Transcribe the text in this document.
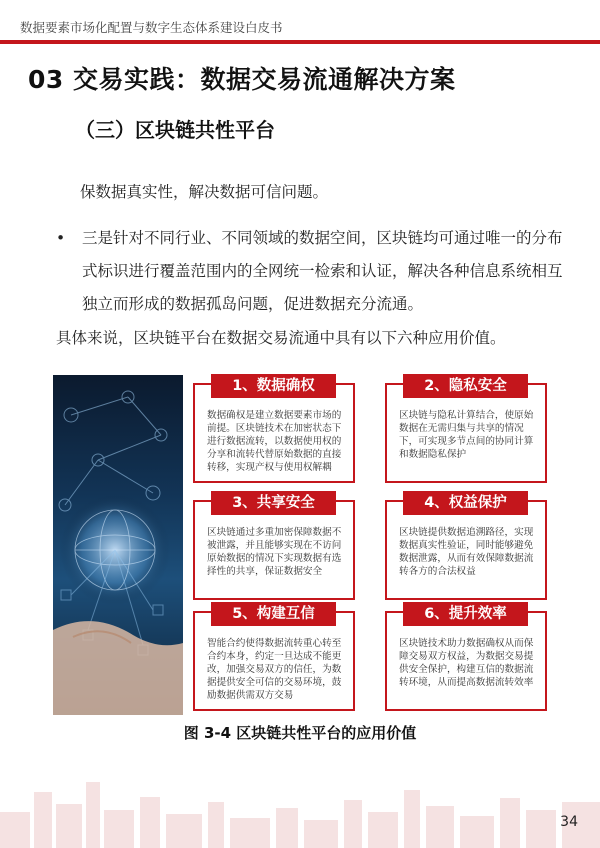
数据要素市场化配置与数字生态体系建设白皮书
03 交易实践：数据交易流通解决方案
（三）区块链共性平台
保数据真实性，解决数据可信问题。
• 三是针对不同行业、不同领域的数据空间，区块链均可通过唯一的分布式标识进行覆盖范围内的全网统一检索和认证，解决各种信息系统相互独立而形成的数据孤岛问题，促进数据充分流通。
具体来说，区块链平台在数据交易流通中具有以下六种应用价值。
1、数据确权
数据确权是建立数据要素市场的前提。区块链技术在加密状态下进行数据流转，以数据使用权的分享和流转代替原始数据的直接转移，实现产权与使用权解耦
2、隐私安全
区块链与隐私计算结合，使原始数据在无需归集与共享的情况下，可实现多节点间的协同计算和数据隐私保护
3、共享安全
区块链通过多重加密保障数据不被泄露，并且能够实现在不访问原始数据的情况下实现数据有选择性的共享，保证数据安全
4、权益保护
区块链提供数据追溯路径，实现数据真实性验证，同时能够避免数据泄露，从而有效保障数据流转各方的合法权益
5、构建互信
智能合约使得数据流转重心转至合约本身，约定一旦达成不能更改，加强交易双方的信任，为数据提供安全可信的交易环境，鼓励数据供需双方交易
6、提升效率
区块链技术助力数据确权从而保障交易双方权益，为数据交易提供安全保护，构建互信的数据流转环境，从而提高数据流转效率
图 3-4 区块链共性平台的应用价值
34
